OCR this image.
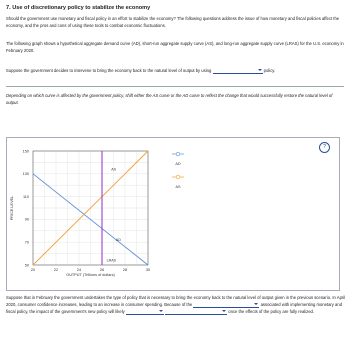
7. Use of discretionary policy to stabilize the economy
Should the government use monetary and fiscal policy in an effort to stabilize the economy? The following questions address the issue of how monetary and fiscal policies affect the economy, and the pros and cons of using these tools to combat economic fluctuations.
The following graph shows a hypothetical aggregate demand curve (AD), short-run aggregate supply curve (AS), and long-run aggregate supply curve (LRAS) for the U.S. economy in February 2020.
Suppose the government decides to intervene to bring the economy back to the natural level of output by using	policy.
Depending on which curve is affected by the government policy, shift either the AS curve or the AD curve to reflect the change that would successfully restore the natural level of output.
?
20	22	24	26	28	30
50
70
90
110
130
150
AS
AD
LRAS
OUTPUT (Trillions of dollars)
PRICE LEVEL
AD
AS
Suppose that in February the government undertakes the type of policy that is necessary to bring the economy back to the natural level of output given in the previous scenario. In April 2020, consumer confidence increases, leading to an increase in consumer spending. Because of the	associated with implementing monetary and fiscal policy, the impact of the government's new policy will likely
	once the effects of the policy are fully realized.
